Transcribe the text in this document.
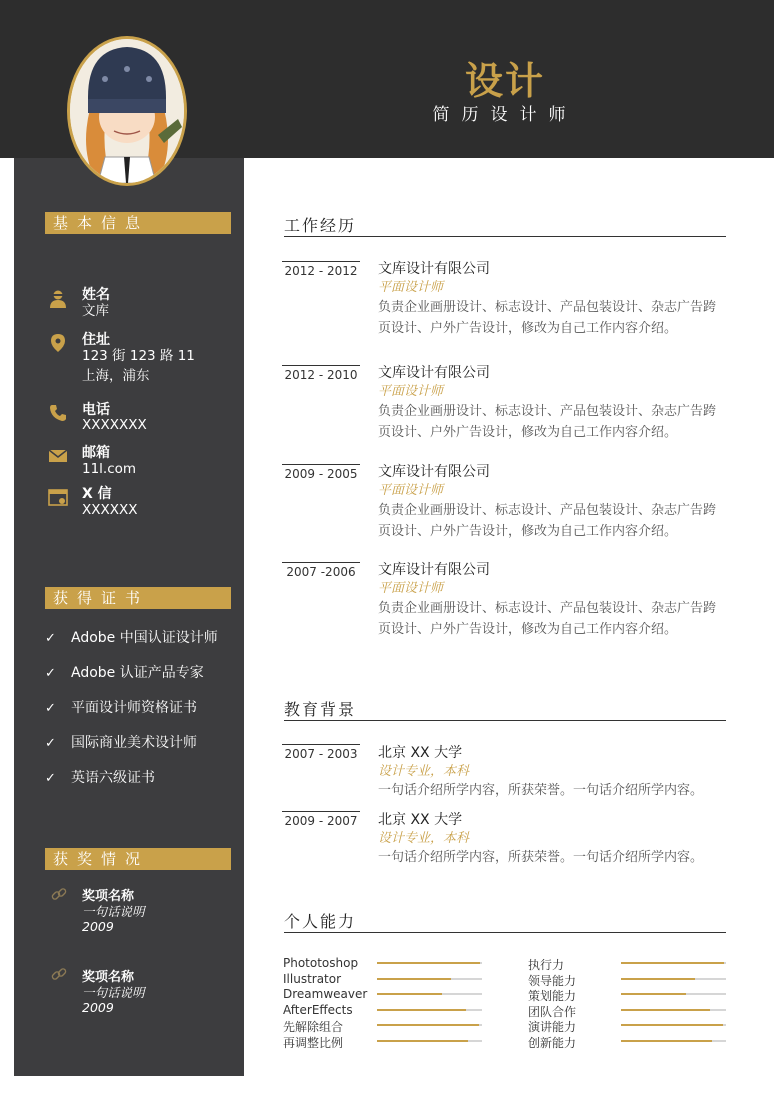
设计
简历设计师
基本信息
姓名
文库
住址
123 街 123 路 11
上海，浦东
电话
XXXXXXX
邮箱
11l.com
X 信
XXXXXX
获得证书
✓ Adobe 中国认证设计师
✓ Adobe 认证产品专家
✓ 平面设计师资格证书
✓ 国际商业美术设计师
✓ 英语六级证书
获奖情况
奖项名称
一句话说明
2009
奖项名称
一句话说明
2009
工作经历
2012 - 2012 文库设计有限公司
平面设计师
负责企业画册设计、标志设计、产品包装设计、杂志广告跨页设计、户外广告设计，修改为自己工作内容介绍。
2012 - 2010 文库设计有限公司
平面设计师
负责企业画册设计、标志设计、产品包装设计、杂志广告跨页设计、户外广告设计，修改为自己工作内容介绍。
2009 - 2005 文库设计有限公司
平面设计师
负责企业画册设计、标志设计、产品包装设计、杂志广告跨页设计、户外广告设计，修改为自己工作内容介绍。
2007 -2006	文库设计有限公司
平面设计师
负责企业画册设计、标志设计、产品包装设计、杂志广告跨页设计、户外广告设计，修改为自己工作内容介绍。
教育背景
2007 - 2003 北京 XX 大学
设计专业，本科
一句话介绍所学内容，所获荣誉。一句话介绍所学内容。
2009 - 2007 北京 XX 大学
设计专业，本科
一句话介绍所学内容，所获荣誉。一句话介绍所学内容。
个人能力
Phototoshop
Illustrator
Dreamweaver
AfterEffects
先解除组合
再调整比例
执行力
领导能力
策划能力
团队合作
演讲能力
创新能力
